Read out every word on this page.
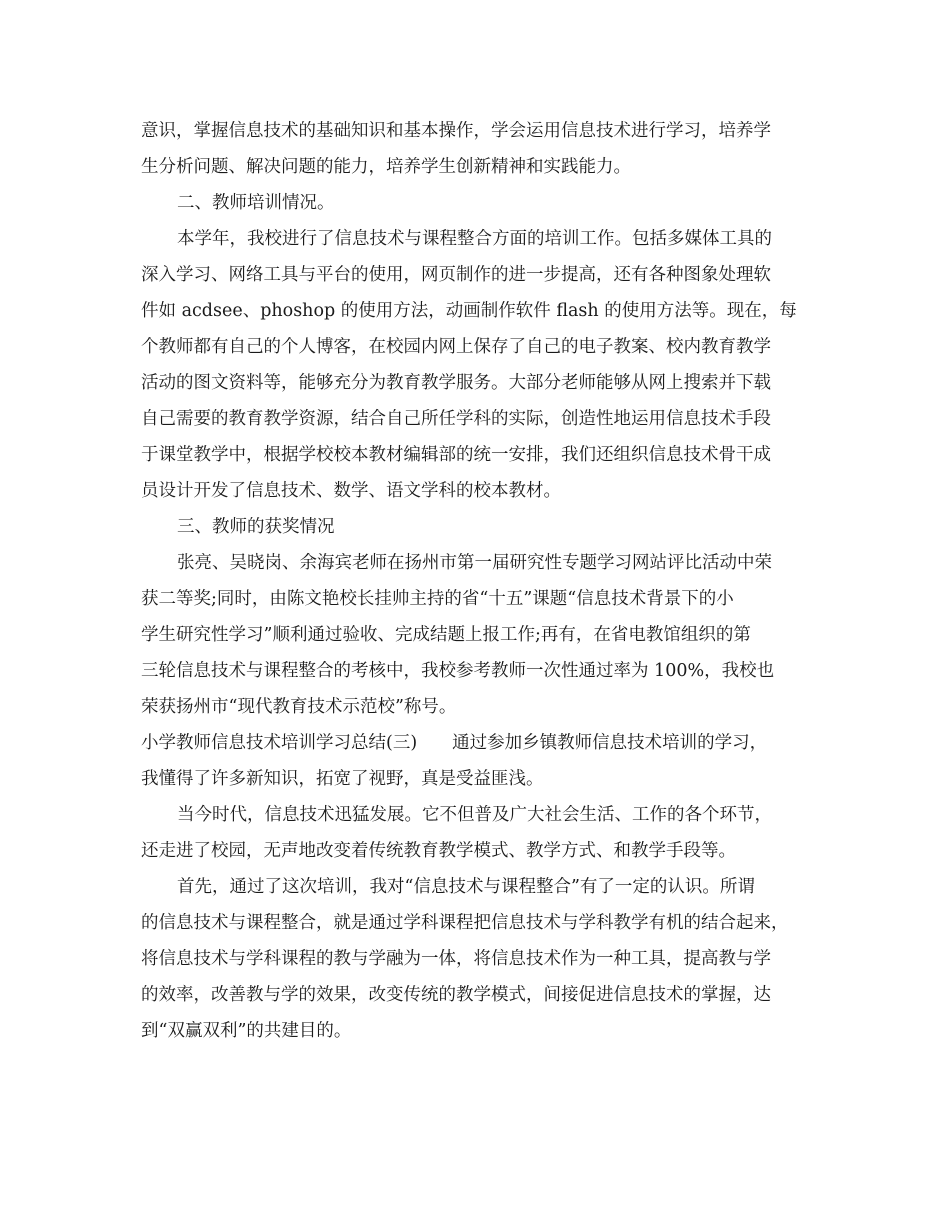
意识，掌握信息技术的基础知识和基本操作，学会运用信息技术进行学习，培养学
生分析问题、解决问题的能力，培养学生创新精神和实践能力。
二、教师培训情况。
本学年，我校进行了信息技术与课程整合方面的培训工作。包括多媒体工具的
深入学习、网络工具与平台的使用，网页制作的进一步提高，还有各种图象处理软
件如 acdsee、phoshop 的使用方法，动画制作软件 flash 的使用方法等。现在，每
个教师都有自己的个人博客，在校园内网上保存了自己的电子教案、校内教育教学
活动的图文资料等，能够充分为教育教学服务。大部分老师能够从网上搜索并下载
自己需要的教育教学资源，结合自己所任学科的实际，创造性地运用信息技术手段
于课堂教学中，根据学校校本教材编辑部的统一安排，我们还组织信息技术骨干成
员设计开发了信息技术、数学、语文学科的校本教材。
三、教师的获奖情况
张亮、吴晓岗、余海宾老师在扬州市第一届研究性专题学习网站评比活动中荣
获二等奖;同时，由陈文艳校长挂帅主持的省“十五”课题“信息技术背景下的小
学生研究性学习”顺利通过验收、完成结题上报工作;再有，在省电教馆组织的第
三轮信息技术与课程整合的考核中，我校参考教师一次性通过率为 100%，我校也
荣获扬州市“现代教育技术示范校”称号。
小学教师信息技术培训学习总结(三)　　通过参加乡镇教师信息技术培训的学习，
我懂得了许多新知识，拓宽了视野，真是受益匪浅。
当今时代，信息技术迅猛发展。它不但普及广大社会生活、工作的各个环节，
还走进了校园，无声地改变着传统教育教学模式、教学方式、和教学手段等。
首先，通过了这次培训，我对“信息技术与课程整合”有了一定的认识。所谓
的信息技术与课程整合，就是通过学科课程把信息技术与学科教学有机的结合起来，
将信息技术与学科课程的教与学融为一体，将信息技术作为一种工具，提高教与学
的效率，改善教与学的效果，改变传统的教学模式，间接促进信息技术的掌握，达
到“双赢双利”的共建目的。
